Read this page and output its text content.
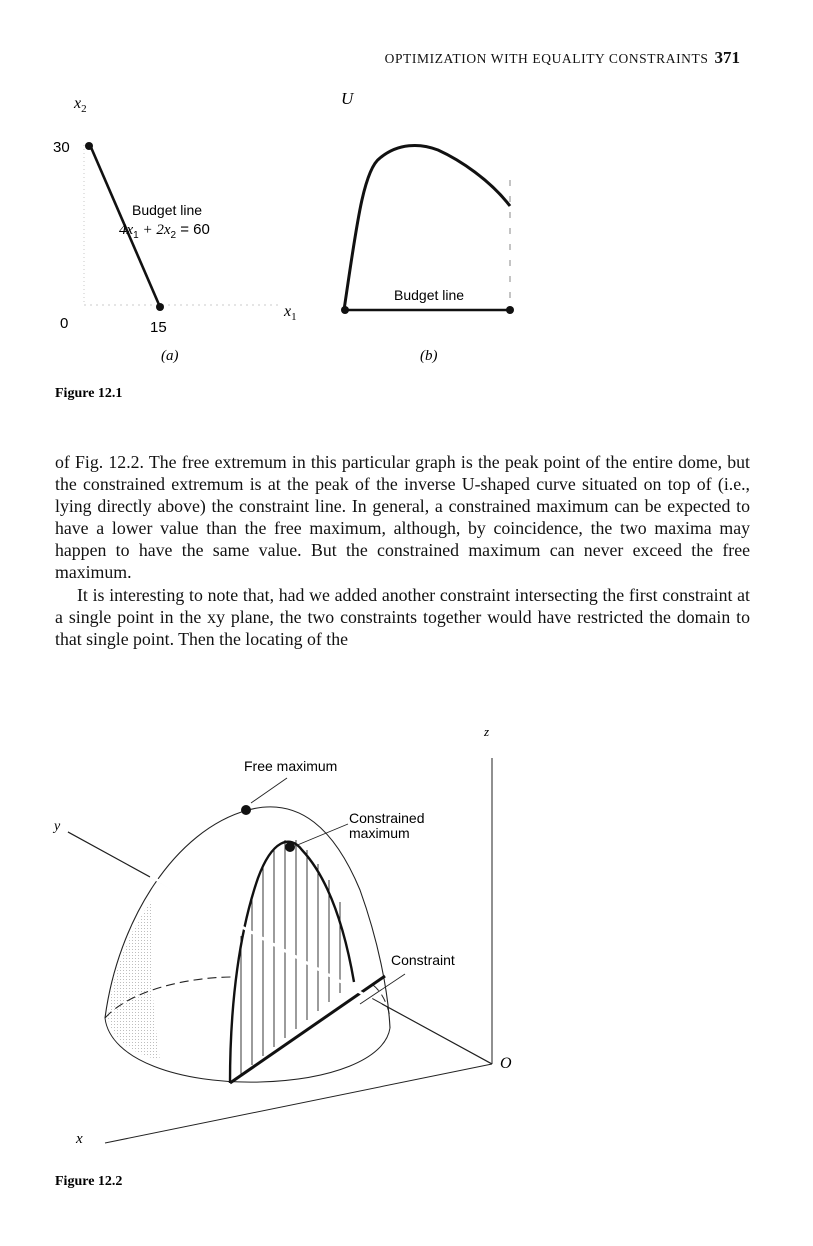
OPTIMIZATION WITH EQUALITY CONSTRAINTS 371
$x_2$
30
Budget line
$4x_1 + 2x_2 = 60$
0	15
$x_1$
(a)
U
Budget line
(b)
Figure 12.1

of Fig. 12.2. The free extremum in this particular graph is the peak point of the entire dome, but the constrained extremum is at the peak of the inverse U-shaped curve situated on top of (i.e., lying directly above) the constraint line. In general, a constrained maximum can be expected to have a lower value than the free maximum, although, by coincidence, the two maxima may happen to have the same value. But the constrained maximum can never exceed the free maximum.

It is interesting to note that, had we added another constraint intersecting the first constraint at a single point in the xy plane, the two constraints together would have restricted the domain to that single point. Then the locating of the

Free maximum
Constrained
maximum
Constraint
z
y
x
O
Figure 12.2
